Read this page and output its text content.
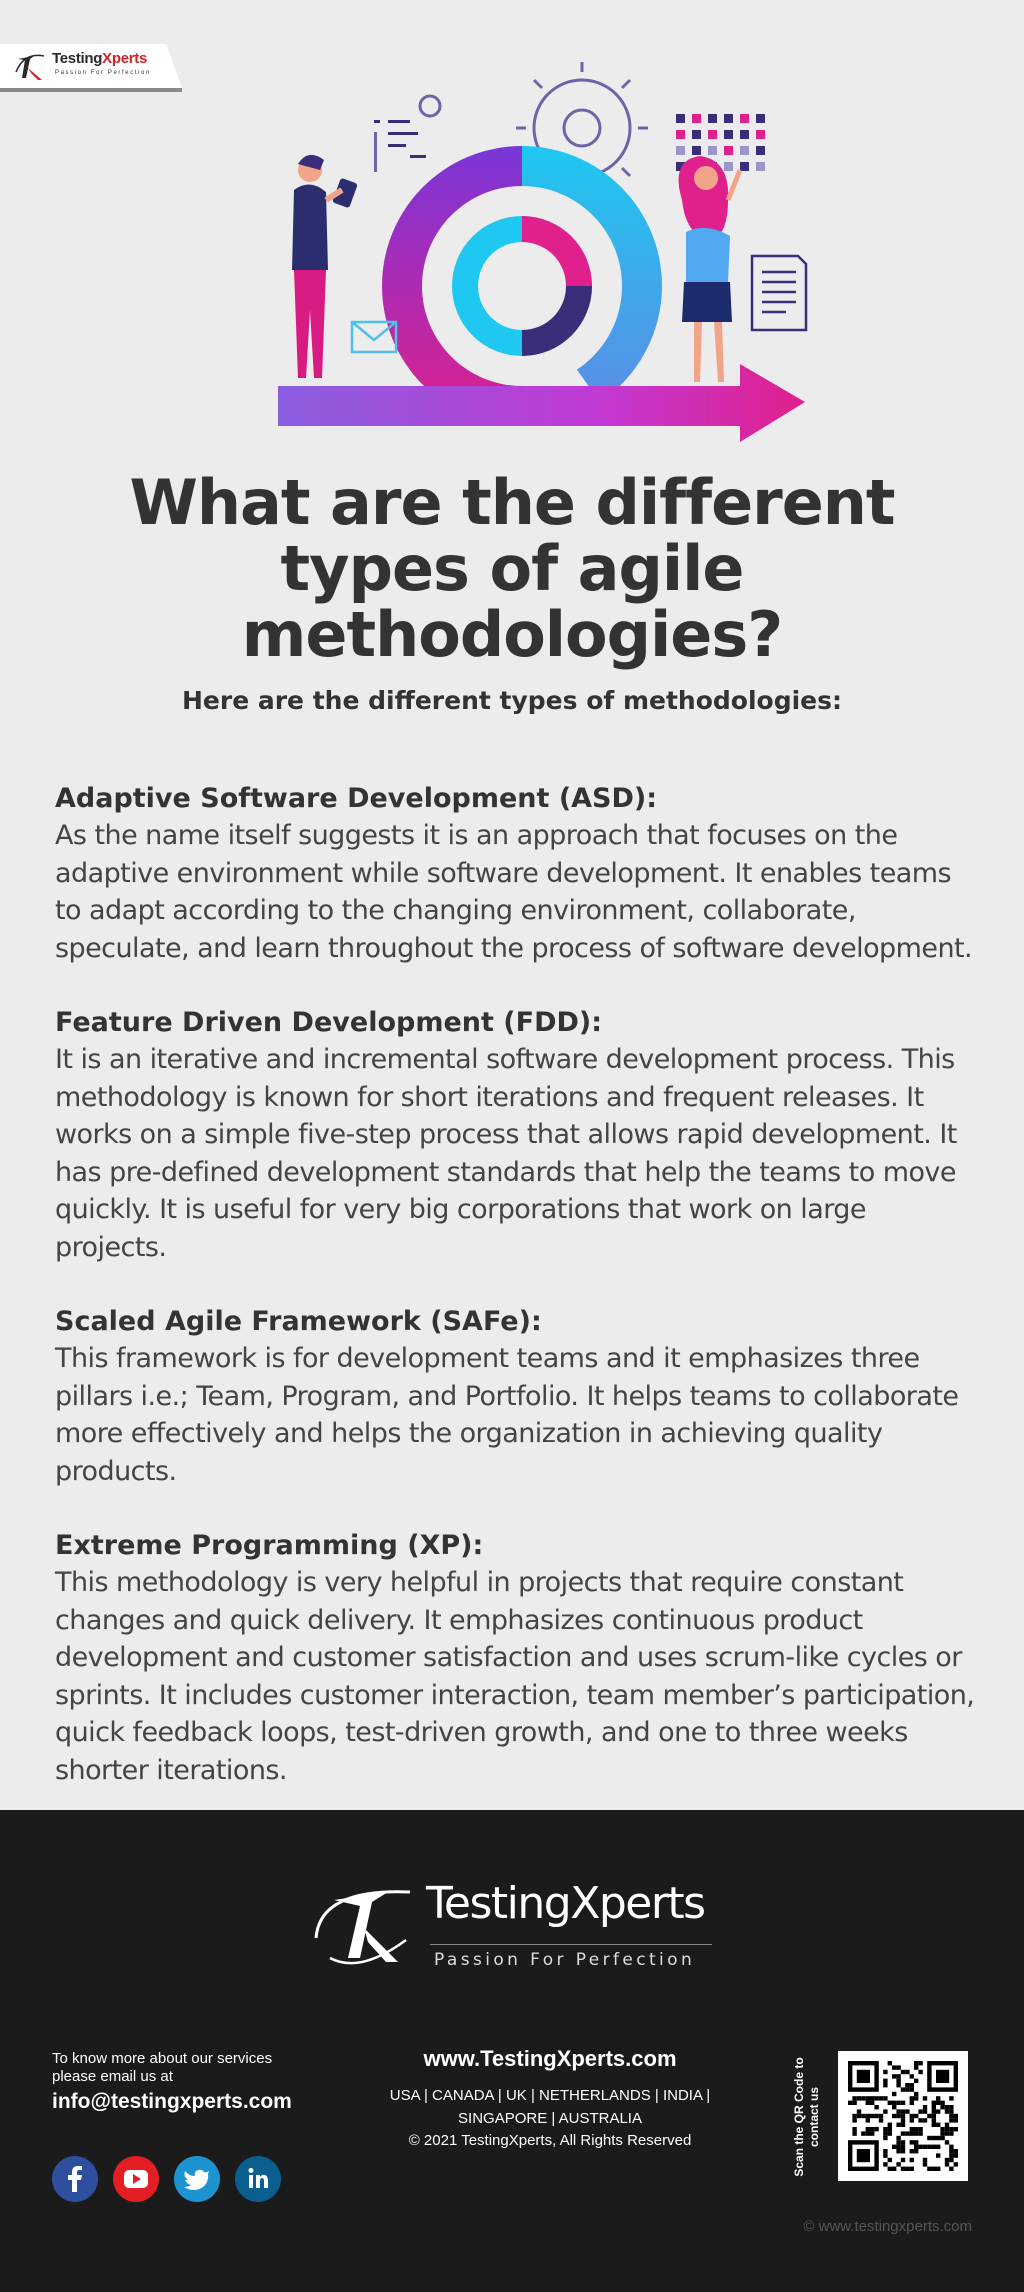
TestingXperts
Passion For Perfection
What are the different types of agile methodologies?

Here are the different types of methodologies:

Adaptive Software Development (ASD):

As the name itself suggests it is an approach that focuses on the adaptive environment while software development. It enables teams to adapt according to the changing environment, collaborate, speculate, and learn throughout the process of software development.

Feature Driven Development (FDD):

It is an iterative and incremental software development process. This methodology is known for short iterations and frequent releases. It works on a simple five-step process that allows rapid development. It has pre-defined development standards that help the teams to move quickly. It is useful for very big corporations that work on large projects.

Scaled Agile Framework (SAFe):

This framework is for development teams and it emphasizes three pillars i.e.; Team, Program, and Portfolio. It helps teams to collaborate more effectively and helps the organization in achieving quality products.

Extreme Programming (XP):

This methodology is very helpful in projects that require constant changes and quick delivery. It emphasizes continuous product development and customer satisfaction and uses scrum-like cycles or sprints. It includes customer interaction, team member’s participation, quick feedback loops, test-driven growth, and one to three weeks shorter iterations.

TestingXperts
Passion For Perfection
To know more about our services please email us at
info@testingxperts.com

www.TestingXperts.com
USA | CANADA | UK | NETHERLANDS | INDIA |
SINGAPORE | AUSTRALIA
© 2021 TestingXperts, All Rights Reserved	Scan the QR Code to contact us
© www.testingxperts.com
